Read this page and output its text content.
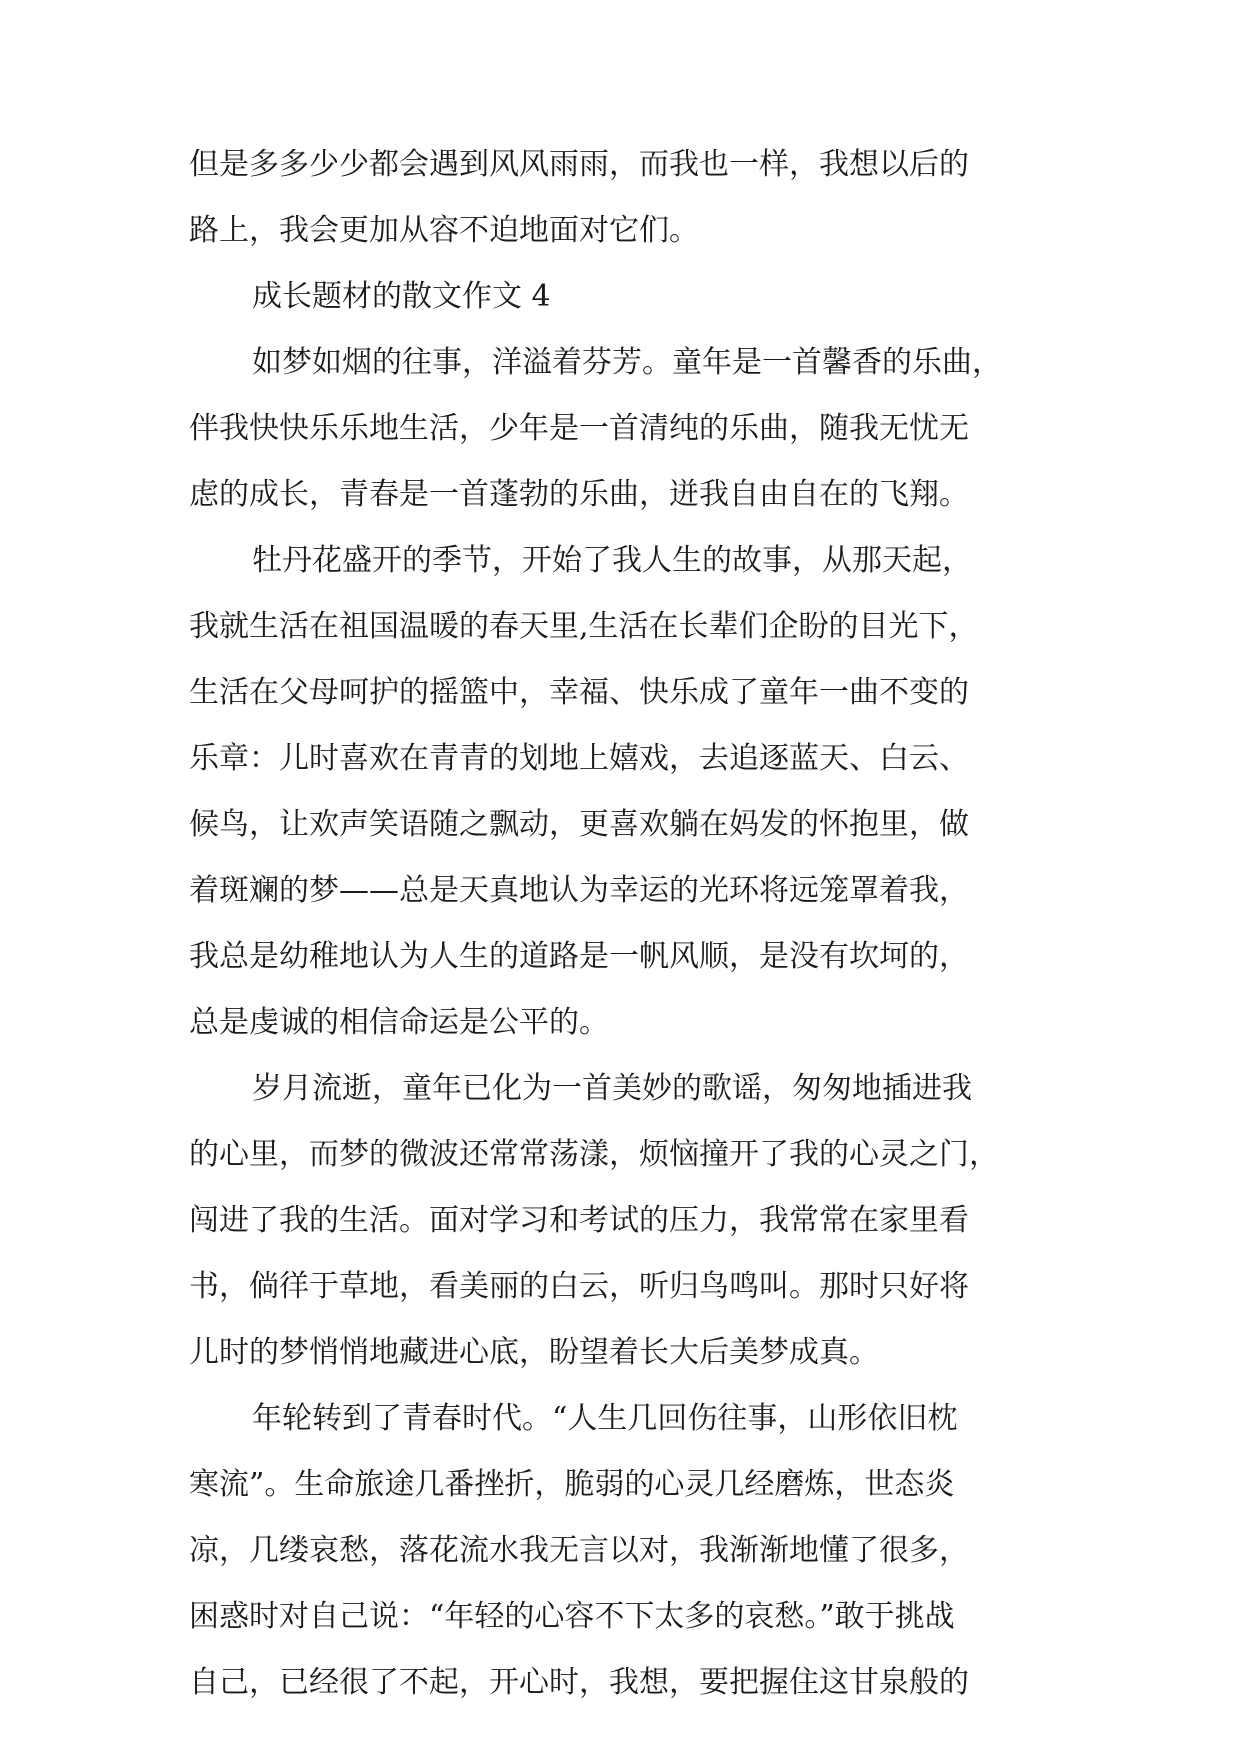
但是多多少少都会遇到风风雨雨，而我也一样，我想以后的
路上，我会更加从容不迫地面对它们。
成长题材的散文作文 4
如梦如烟的往事，洋溢着芬芳。童年是一首馨香的乐曲，
伴我快快乐乐地生活，少年是一首清纯的乐曲，随我无忧无
虑的成长，青春是一首蓬勃的乐曲，迸我自由自在的飞翔。
牡丹花盛开的季节，开始了我人生的故事，从那天起，
我就生活在祖国温暖的春天里,生活在长辈们企盼的目光下，
生活在父母呵护的摇篮中，幸福、快乐成了童年一曲不变的
乐章：儿时喜欢在青青的划地上嬉戏，去追逐蓝天、白云、
候鸟，让欢声笑语随之飘动，更喜欢躺在妈发的怀抱里，做
着斑斓的梦——总是天真地认为幸运的光环将远笼罩着我，
我总是幼稚地认为人生的道路是一帆风顺，是没有坎坷的，
总是虔诚的相信命运是公平的。
岁月流逝，童年已化为一首美妙的歌谣，匆匆地插进我
的心里，而梦的微波还常常荡漾，烦恼撞开了我的心灵之门，
闯进了我的生活。面对学习和考试的压力，我常常在家里看
书，倘徉于草地，看美丽的白云，听归鸟鸣叫。那时只好将
儿时的梦悄悄地藏进心底，盼望着长大后美梦成真。
年轮转到了青春时代。“人生几回伤往事，山形依旧枕
寒流”。生命旅途几番挫折，脆弱的心灵几经磨炼，世态炎
凉，几缕哀愁，落花流水我无言以对，我渐渐地懂了很多，
困惑时对自己说：“年轻的心容不下太多的哀愁。”敢于挑战
自己，已经很了不起，开心时，我想，要把握住这甘泉般的
